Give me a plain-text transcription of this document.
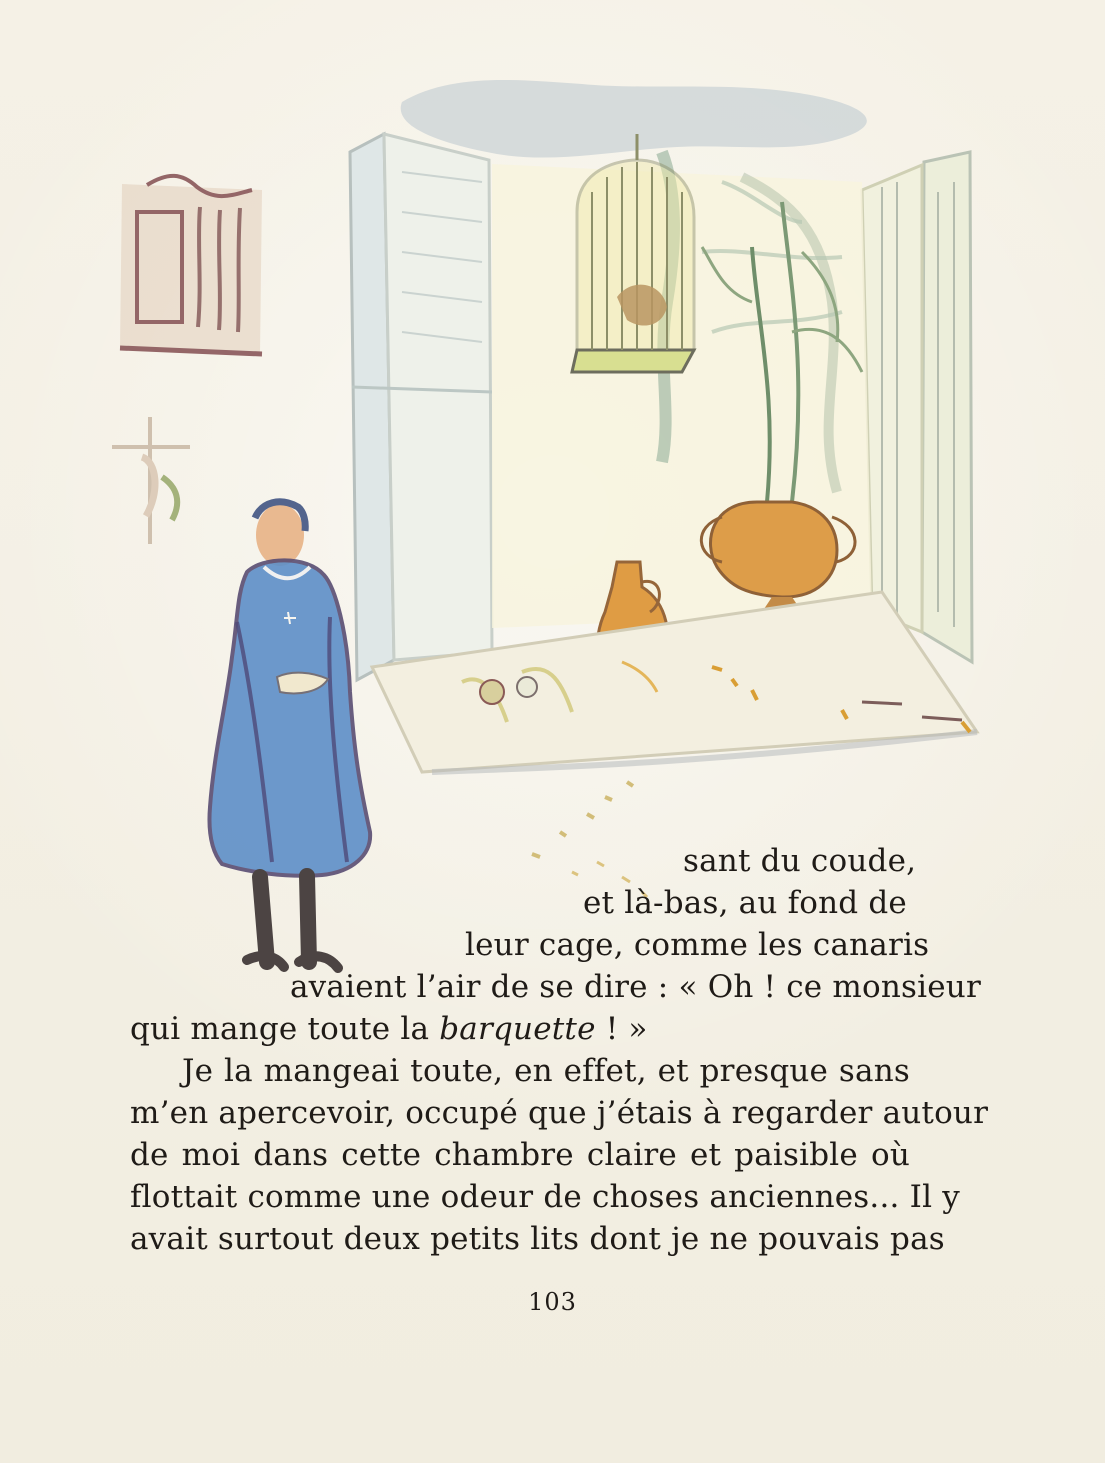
sant du coude,
et là-bas, au fond de
leur cage, comme les canaris
avaient l’air de se dire : « Oh ! ce monsieur
qui mange toute la barquette ! »
Je la mangeai toute, en effet, et presque sans
m’en apercevoir, occupé que j’étais à regarder autour
de moi dans cette chambre claire et paisible où
flottait comme une odeur de choses anciennes... Il y
avait surtout deux petits lits dont je ne pouvais pas
103
